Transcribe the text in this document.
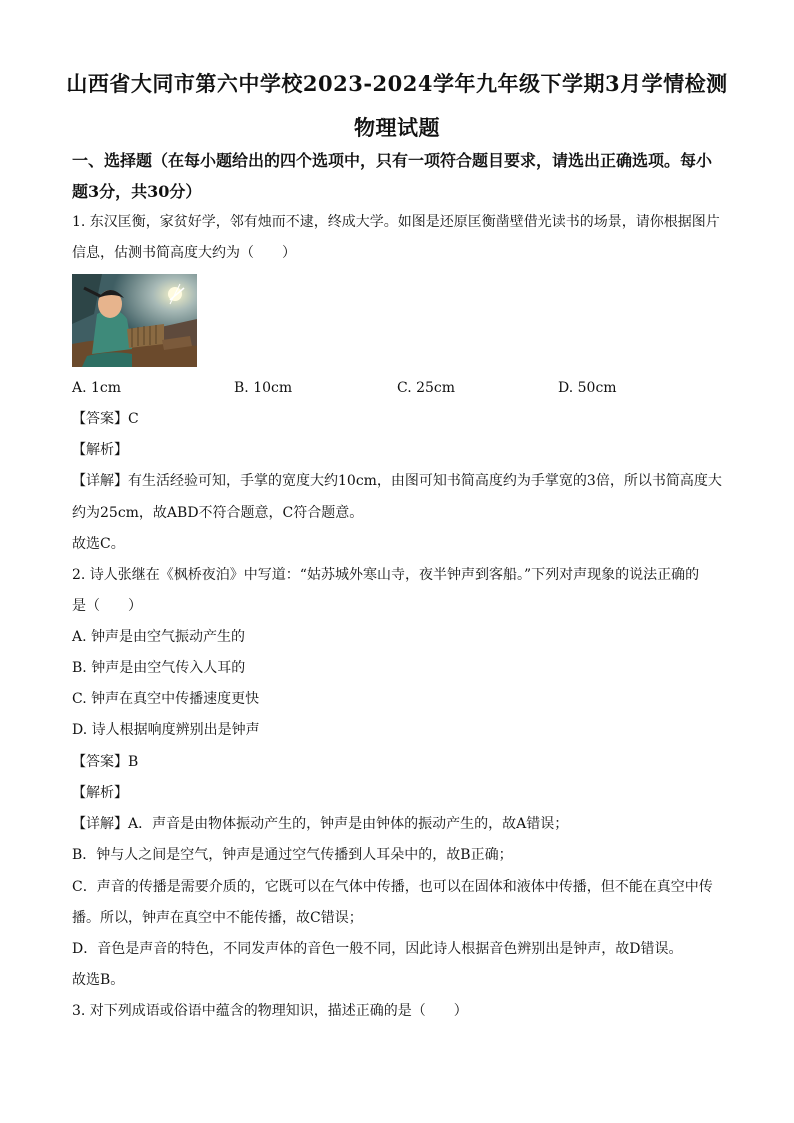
山西省大同市第六中学校2023-2024学年九年级下学期3月学情检测
物理试题
一、选择题（在每小题给出的四个选项中，只有一项符合题目要求，请选出正确选项。每小
题3分，共30分）
1. 东汉匡衡，家贫好学，邻有烛而不逮，终成大学。如图是还原匡衡凿壁借光读书的场景，请你根据图片
信息，估测书简高度大约为（　　）
A. 1cm	B. 10cm	C. 25cm	D. 50cm
【答案】C
【解析】
【详解】有生活经验可知，手掌的宽度大约10cm，由图可知书简高度约为手掌宽的3倍，所以书简高度大
约为25cm，故ABD不符合题意，C符合题意。
故选C。
2. 诗人张继在《枫桥夜泊》中写道：“姑苏城外寒山寺，夜半钟声到客船。”下列对声现象的说法正确的
是（　　）
A. 钟声是由空气振动产生的
B. 钟声是由空气传入人耳的
C. 钟声在真空中传播速度更快
D. 诗人根据响度辨别出是钟声
【答案】B
【解析】
【详解】A．声音是由物体振动产生的，钟声是由钟体的振动产生的，故A错误；
B．钟与人之间是空气，钟声是通过空气传播到人耳朵中的，故B正确；
C．声音的传播是需要介质的，它既可以在气体中传播，也可以在固体和液体中传播，但不能在真空中传
播。所以，钟声在真空中不能传播，故C错误；
D．音色是声音的特色，不同发声体的音色一般不同，因此诗人根据音色辨别出是钟声，故D错误。
故选B。
3. 对下列成语或俗语中蕴含的物理知识，描述正确的是（　　）
